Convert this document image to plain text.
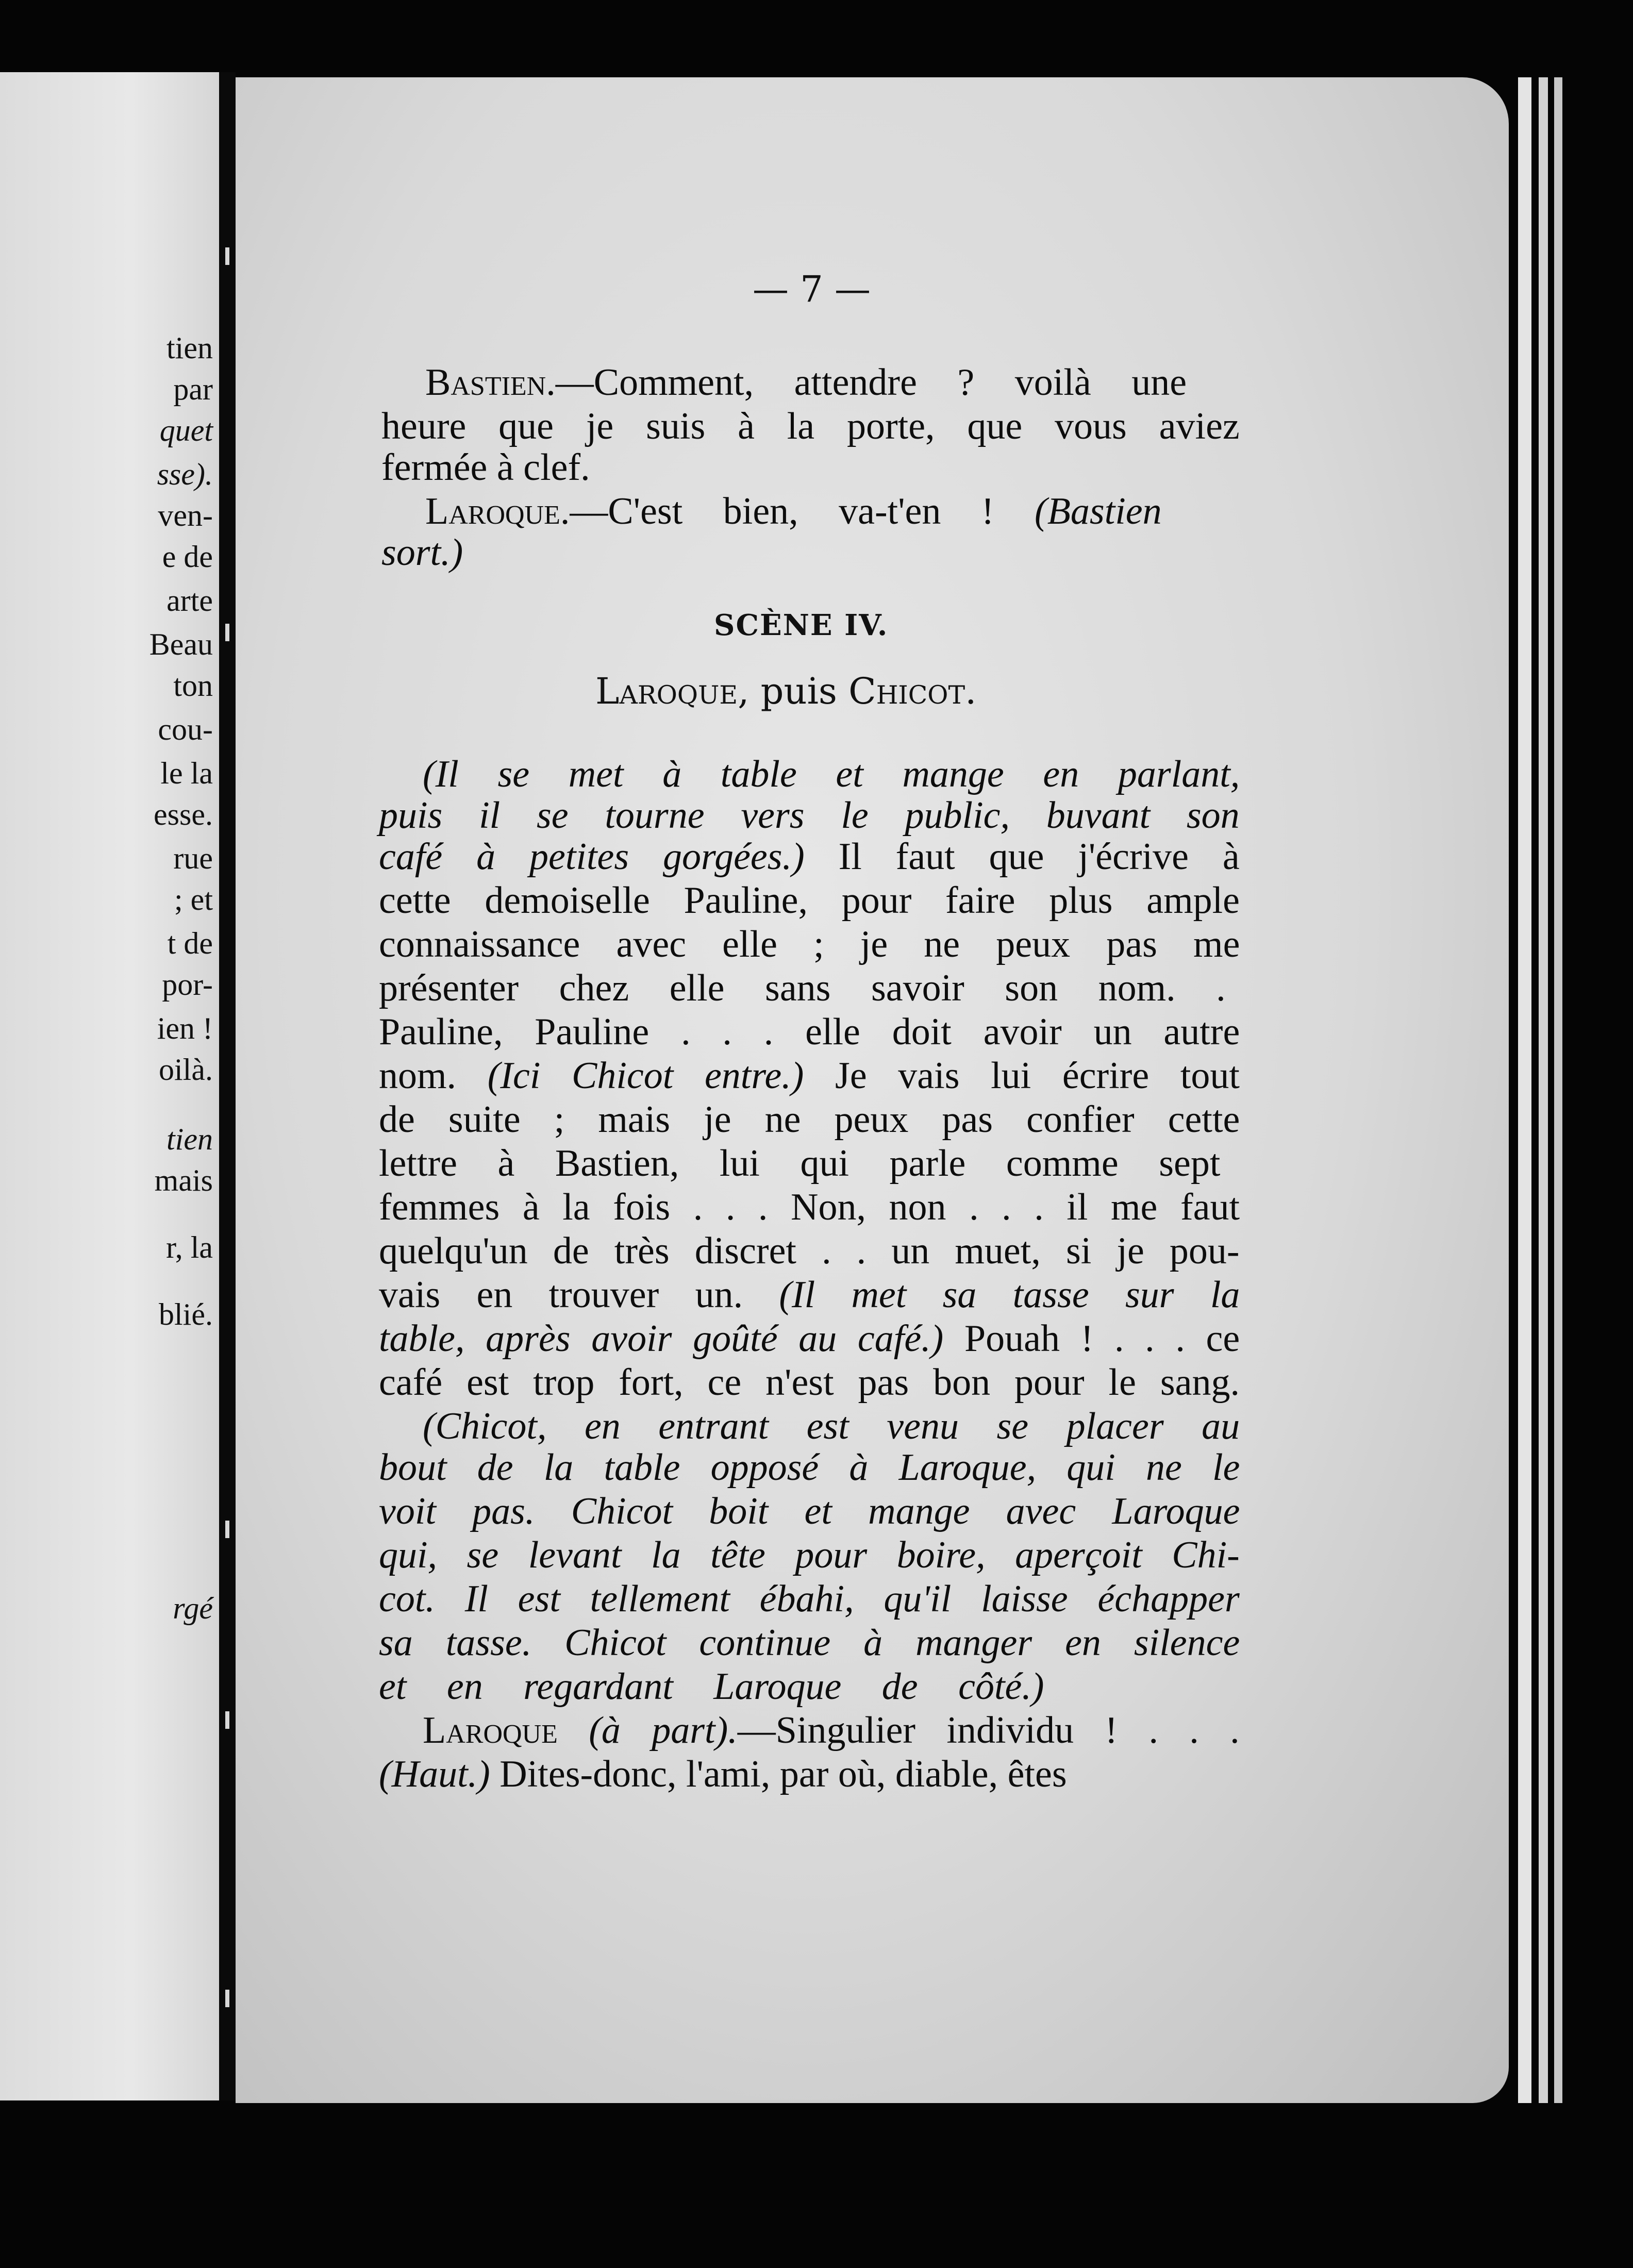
tien
par
quet
sse).
ven-
e de
arte
Beau
ton
cou-
le la
esse.
rue
; et
t de
por-
ien !
oilà.
tien
mais
r, la
blié.
rgé
— 7 —
SCÈNE IV.
Laroque, puis Chicot.
Bastien.—Comment, attendre ? voilà une
heure que je suis à la porte, que vous aviez
fermée à clef.
Laroque.—C'est bien, va-t'en ! (Bastien
sort.)
(Il se met à table et mange en parlant,
puis il se tourne vers le public, buvant son
café à petites gorgées.) Il faut que j'écrive à
cette demoiselle Pauline, pour faire plus ample
connaissance avec elle ; je ne peux pas me
présenter chez elle sans savoir son nom. .
Pauline, Pauline . . . elle doit avoir un autre
nom. (Ici Chicot entre.) Je vais lui écrire tout
de suite ; mais je ne peux pas confier cette
lettre à Bastien, lui qui parle comme sept
femmes à la fois . . . Non, non . . . il me faut
quelqu'un de très discret . . un muet, si je pou-
vais en trouver un. (Il met sa tasse sur la
table, après avoir goûté au café.) Pouah ! . . . ce
café est trop fort, ce n'est pas bon pour le sang.
(Chicot, en entrant est venu se placer au
bout de la table opposé à Laroque, qui ne le
voit pas. Chicot boit et mange avec Laroque
qui, se levant la tête pour boire, aperçoit Chi-
cot. Il est tellement ébahi, qu'il laisse échapper
sa tasse. Chicot continue à manger en silence
et en regardant Laroque de côté.)
Laroque (à part).—Singulier individu ! . . .
(Haut.) Dites-donc, l'ami, par où, diable, êtes
